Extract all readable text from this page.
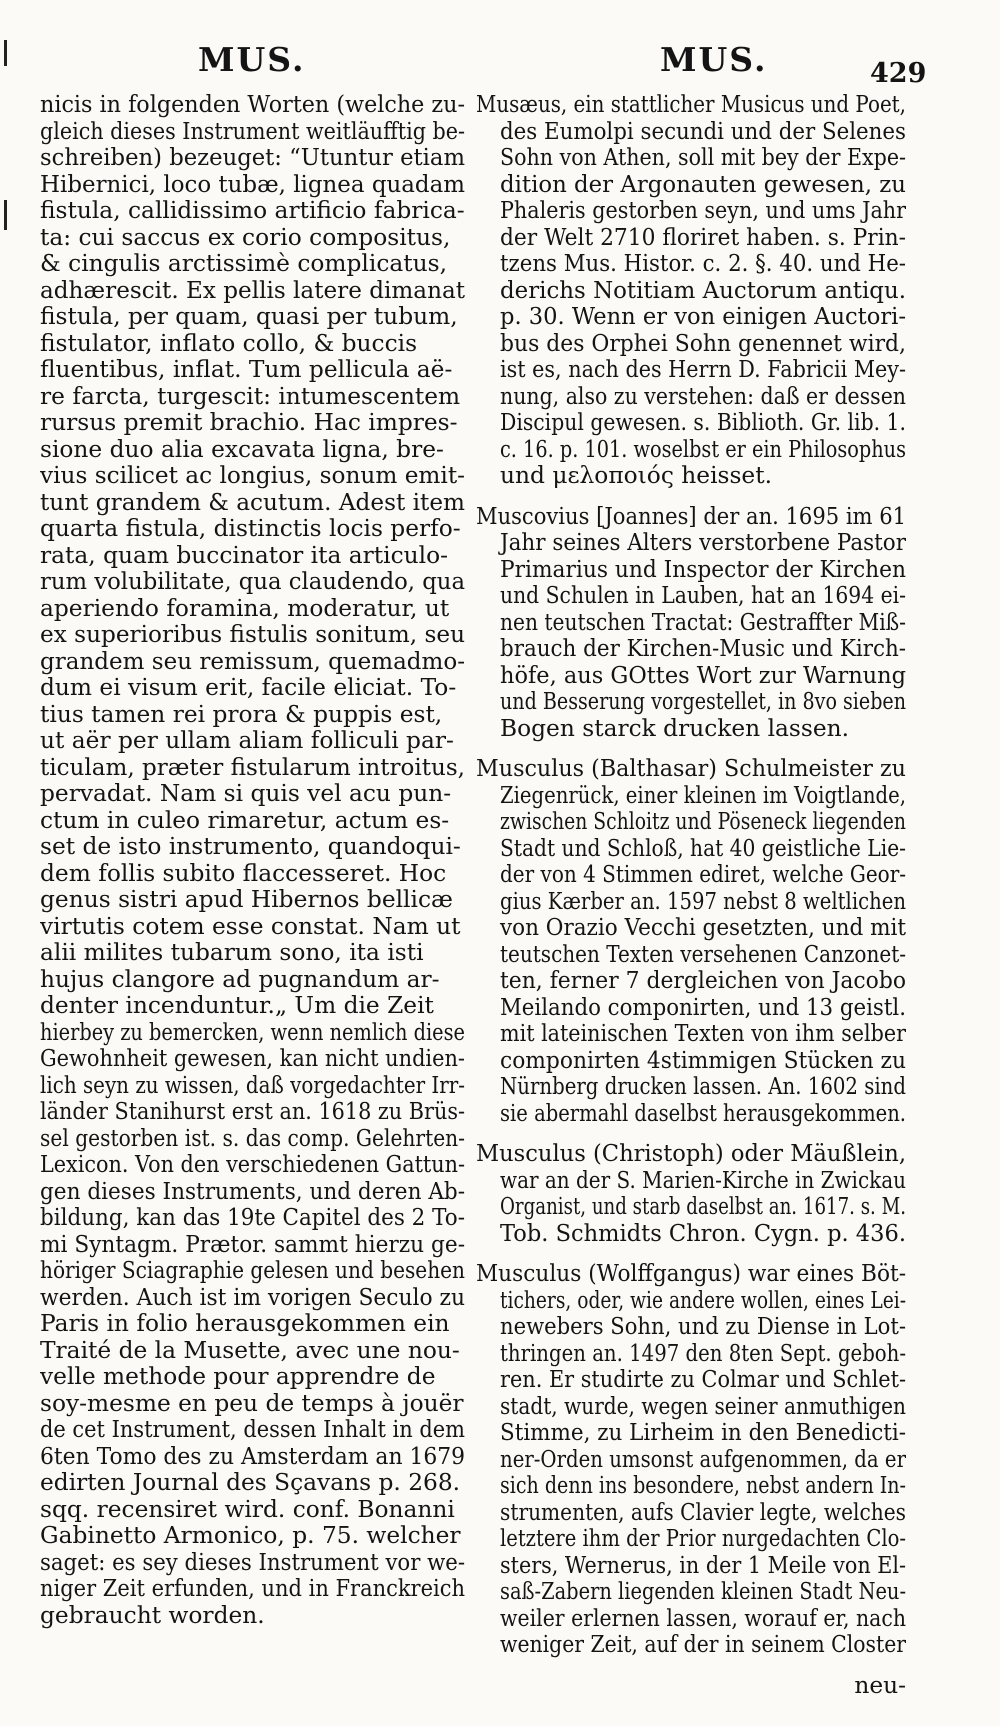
MUS.	MUS.	429
nicis in folgenden Worten (welche zu-
gleich dieses Instrument weitläufftig be-
schreiben) bezeuget: “Utuntur etiam
Hibernici, loco tubæ, lignea quadam
fistula, callidissimo artificio fabrica-
ta: cui saccus ex corio compositus,
& cingulis arctissimè complicatus,
adhærescit. Ex pellis latere dimanat
fistula, per quam, quasi per tubum,
fistulator, inflato collo, & buccis
fluentibus, inflat. Tum pellicula aë-
re farcta, turgescit: intumescentem
rursus premit brachio. Hac impres-
sione duo alia excavata ligna, bre-
vius scilicet ac longius, sonum emit-
tunt grandem & acutum. Adest item
quarta fistula, distinctis locis perfo-
rata, quam buccinator ita articulo-
rum volubilitate, qua claudendo, qua
aperiendo foramina, moderatur, ut
ex superioribus fistulis sonitum, seu
grandem seu remissum, quemadmo-
dum ei visum erit, facile eliciat. To-
tius tamen rei prora & puppis est,
ut aër per ullam aliam folliculi par-
ticulam, præter fistularum introitus,
pervadat. Nam si quis vel acu pun-
ctum in culeo rimaretur, actum es-
set de isto instrumento, quandoqui-
dem follis subito flaccesseret. Hoc
genus sistri apud Hibernos bellicæ
virtutis cotem esse constat. Nam ut
alii milites tubarum sono, ita isti
hujus clangore ad pugnandum ar-
denter incenduntur.„ Um die Zeit
hierbey zu bemercken, wenn nemlich diese
Gewohnheit gewesen, kan nicht undien-
lich seyn zu wissen, daß vorgedachter Irr-
länder Stanihurst erst an. 1618 zu Brüs-
sel gestorben ist. s. das comp. Gelehrten-
Lexicon. Von den verschiedenen Gattun-
gen dieses Instruments, und deren Ab-
bildung, kan das 19te Capitel des 2 To-
mi Syntagm. Prætor. sammt hierzu ge-
höriger Sciagraphie gelesen und besehen
werden. Auch ist im vorigen Seculo zu
Paris in folio herausgekommen ein
Traité de la Musette, avec une nou-
velle methode pour apprendre de
soy-mesme en peu de temps à jouër
de cet Instrument, dessen Inhalt in dem
6ten Tomo des zu Amsterdam an 1679
edirten Journal des Sçavans p. 268.
sqq. recensiret wird. conf. Bonanni
Gabinetto Armonico, p. 75. welcher
saget: es sey dieses Instrument vor we-
niger Zeit erfunden, und in Franckreich
gebraucht worden.
Musæus, ein stattlicher Musicus und Poet,
des Eumolpi secundi und der Selenes
Sohn von Athen, soll mit bey der Expe-
dition der Argonauten gewesen, zu
Phaleris gestorben seyn, und ums Jahr
der Welt 2710 floriret haben. s. Prin-
tzens Mus. Histor. c. 2. §. 40. und He-
derichs Notitiam Auctorum antiqu.
p. 30. Wenn er von einigen Auctori-
bus des Orphei Sohn genennet wird,
ist es, nach des Herrn D. Fabricii Mey-
nung, also zu verstehen: daß er dessen
Discipul gewesen. s. Biblioth. Gr. lib. 1.
c. 16. p. 101. woselbst er ein Philosophus
und μελοποιός heisset.
Muscovius [Joannes] der an. 1695 im 61
Jahr seines Alters verstorbene Pastor
Primarius und Inspector der Kirchen
und Schulen in Lauben, hat an 1694 ei-
nen teutschen Tractat: Gestraffter Miß-
brauch der Kirchen-Music und Kirch-
höfe, aus GOttes Wort zur Warnung
und Besserung vorgestellet, in 8vo sieben
Bogen starck drucken lassen.
Musculus (Balthasar) Schulmeister zu
Ziegenrück, einer kleinen im Voigtlande,
zwischen Schloitz und Pöseneck liegenden
Stadt und Schloß, hat 40 geistliche Lie-
der von 4 Stimmen ediret, welche Geor-
gius Kærber an. 1597 nebst 8 weltlichen
von Orazio Vecchi gesetzten, und mit
teutschen Texten versehenen Canzonet-
ten, ferner 7 dergleichen von Jacobo
Meilando componirten, und 13 geistl.
mit lateinischen Texten von ihm selber
componirten 4stimmigen Stücken zu
Nürnberg drucken lassen. An. 1602 sind
sie abermahl daselbst herausgekommen.
Musculus (Christoph) oder Mäußlein,
war an der S. Marien-Kirche in Zwickau
Organist, und starb daselbst an. 1617. s. M.
Tob. Schmidts Chron. Cygn. p. 436.
Musculus (Wolffgangus) war eines Böt-
tichers, oder, wie andere wollen, eines Lei-
newebers Sohn, und zu Diense in Lot-
thringen an. 1497 den 8ten Sept. geboh-
ren. Er studirte zu Colmar und Schlet-
stadt, wurde, wegen seiner anmuthigen
Stimme, zu Lirheim in den Benedicti-
ner-Orden umsonst aufgenommen, da er
sich denn ins besondere, nebst andern In-
strumenten, aufs Clavier legte, welches
letztere ihm der Prior nurgedachten Clo-
sters, Wernerus, in der 1 Meile von El-
saß-Zabern liegenden kleinen Stadt Neu-
weiler erlernen lassen, worauf er, nach
weniger Zeit, auf der in seinem Closter
neu-
